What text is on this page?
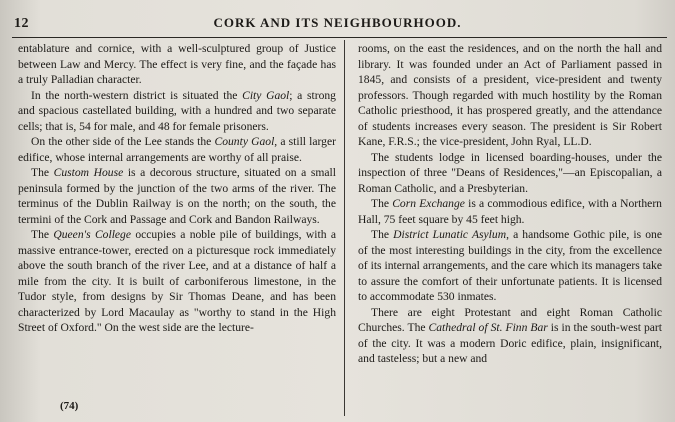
12	CORK AND ITS NEIGHBOURHOOD.

entablature and cornice, with a well-sculptured group of Justice between Law and Mercy. The effect is very fine, and the façade has a truly Palladian character.

In the north-western district is situated the City Gaol; a strong and spacious castellated building, with a hundred and two separate cells; that is, 54 for male, and 48 for female prisoners.

On the other side of the Lee stands the County Gaol, a still larger edifice, whose internal arrangements are worthy of all praise.

The Custom House is a decorous structure, situated on a small peninsula formed by the junction of the two arms of the river. The terminus of the Dublin Railway is on the north; on the south, the termini of the Cork and Passage and Cork and Bandon Railways.

The Queen's College occupies a noble pile of buildings, with a massive entrance-tower, erected on a picturesque rock immediately above the south branch of the river Lee, and at a distance of half a mile from the city. It is built of carboniferous limestone, in the Tudor style, from designs by Sir Thomas Deane, and has been characterized by Lord Macaulay as "worthy to stand in the High Street of Oxford." On the west side are the lecture-

rooms, on the east the residences, and on the north the hall and library. It was founded under an Act of Parliament passed in 1845, and consists of a president, vice-president and twenty professors. Though regarded with much hostility by the Roman Catholic priesthood, it has prospered greatly, and the attendance of students increases every season. The president is Sir Robert Kane, F.R.S.; the vice-president, John Ryal, LL.D.

The students lodge in licensed boarding-houses, under the inspection of three "Deans of Residences,"—an Episcopalian, a Roman Catholic, and a Presbyterian.

The Corn Exchange is a commodious edifice, with a Northern Hall, 75 feet square by 45 feet high.

The District Lunatic Asylum, a handsome Gothic pile, is one of the most interesting buildings in the city, from the excellence of its internal arrangements, and the care which its managers take to assure the comfort of their unfortunate patients. It is licensed to accommodate 530 inmates.

There are eight Protestant and eight Roman Catholic Churches. The Cathedral of St. Finn Bar is in the south-west part of the city. It was a modern Doric edifice, plain, insignificant, and tasteless; but a new and

(74)
